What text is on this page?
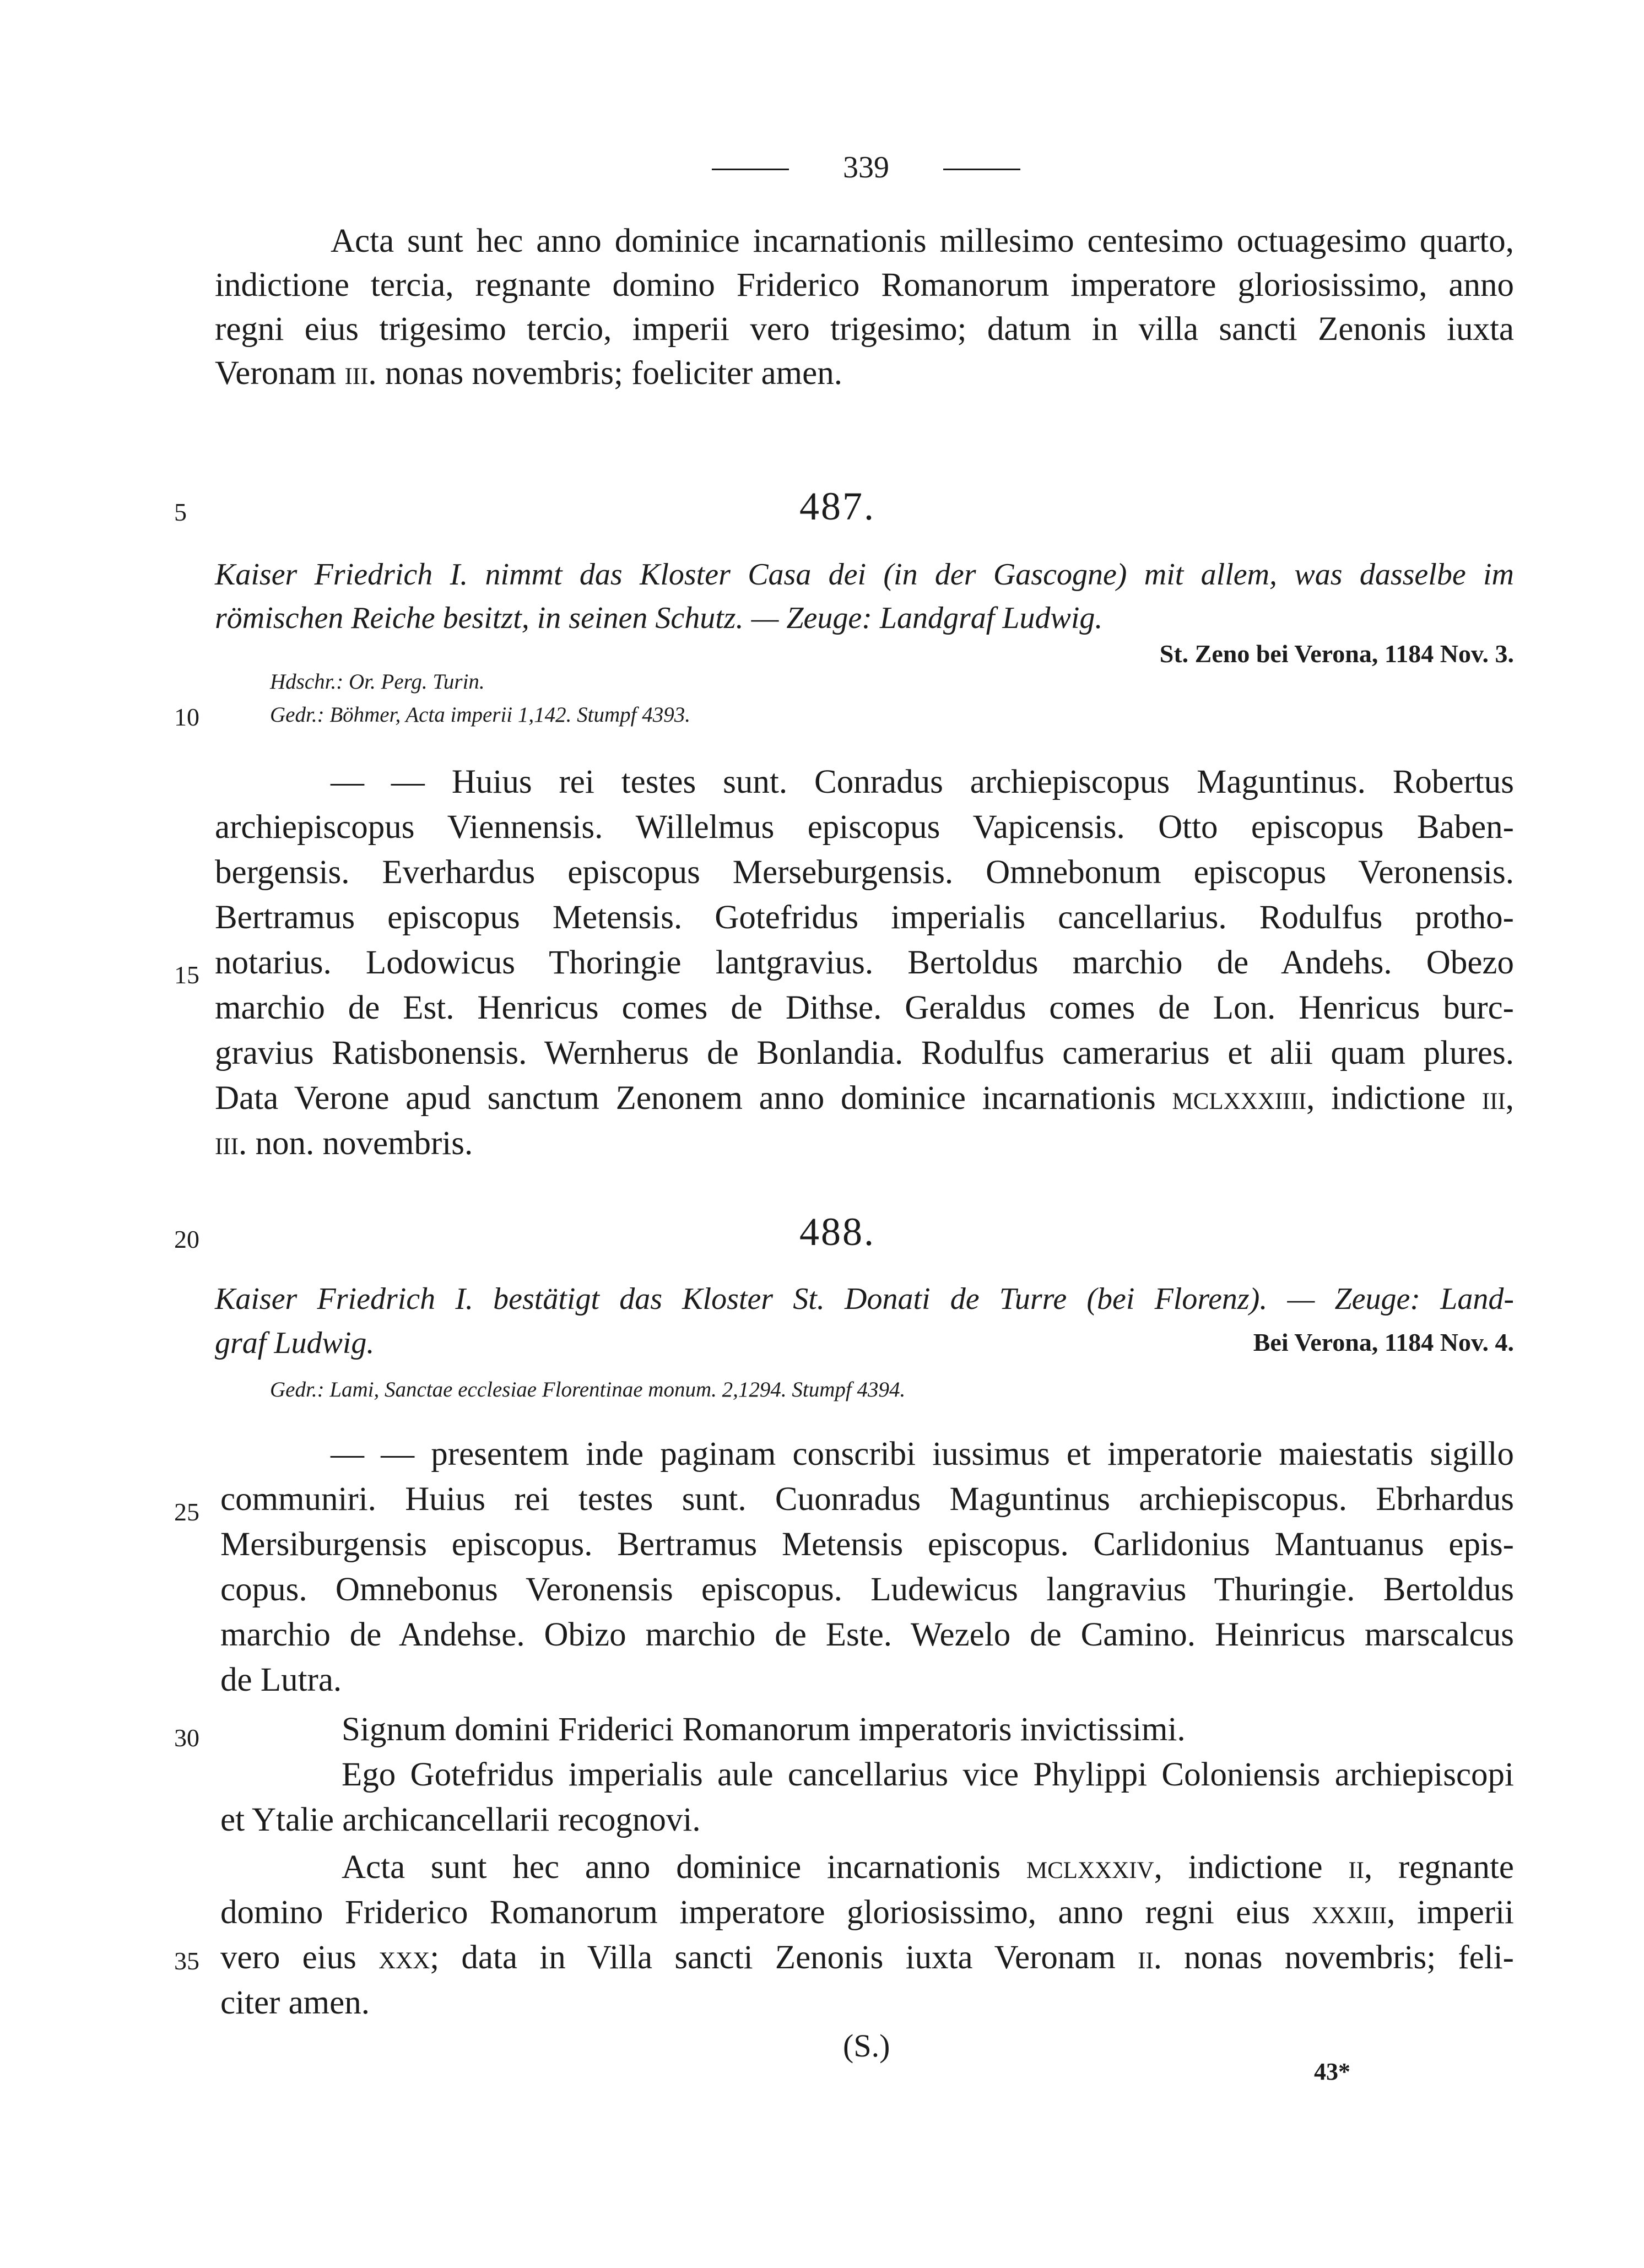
339
Acta sunt hec anno dominice incarnationis millesimo centesimo octuagesimo quarto,
indictione tercia, regnante domino Friderico Romanorum imperatore gloriosissimo, anno
regni eius trigesimo tercio, imperii vero trigesimo; datum in villa sancti Zenonis iuxta
Veronam iii. nonas novembris; foeliciter amen.
5
10
15
20
25
30
35
487.
Kaiser Friedrich I. nimmt das Kloster Casa dei (in der Gascogne) mit allem, was dasselbe im
römischen Reiche besitzt, in seinen Schutz. — Zeuge: Landgraf Ludwig.
St. Zeno bei Verona, 1184 Nov. 3.
Hdschr.: Or. Perg. Turin.
Gedr.: Böhmer, Acta imperii 1,142. Stumpf 4393.
— — Huius rei testes sunt. Conradus archiepiscopus Maguntinus. Robertus
archiepiscopus Viennensis. Willelmus episcopus Vapicensis. Otto episcopus Baben-
bergensis. Everhardus episcopus Merseburgensis. Omnebonum episcopus Veronensis.
Bertramus episcopus Metensis. Gotefridus imperialis cancellarius. Rodulfus protho-
notarius. Lodowicus Thoringie lantgravius. Bertoldus marchio de Andehs. Obezo
marchio de Est. Henricus comes de Dithse. Geraldus comes de Lon. Henricus burc-
gravius Ratisbonensis. Wernherus de Bonlandia. Rodulfus camerarius et alii quam plures.
Data Verone apud sanctum Zenonem anno dominice incarnationis mclxxxiiii, indictione iii,
iii. non. novembris.
488.
Kaiser Friedrich I. bestätigt das Kloster St. Donati de Turre (bei Florenz). — Zeuge: Land-
graf Ludwig.	Bei Verona, 1184 Nov. 4.
Gedr.: Lami, Sanctae ecclesiae Florentinae monum. 2,1294. Stumpf 4394.
— — presentem inde paginam conscribi iussimus et imperatorie maiestatis sigillo
communiri. Huius rei testes sunt. Cuonradus Maguntinus archiepiscopus. Ebrhardus
Mersiburgensis episcopus. Bertramus Metensis episcopus. Carlidonius Mantuanus epis-
copus. Omnebonus Veronensis episcopus. Ludewicus langravius Thuringie. Bertoldus
marchio de Andehse. Obizo marchio de Este. Wezelo de Camino. Heinricus marscalcus
de Lutra.
Signum domini Friderici Romanorum imperatoris invictissimi.
Ego Gotefridus imperialis aule cancellarius vice Phylippi Coloniensis archiepiscopi
et Ytalie archicancellarii recognovi.
Acta sunt hec anno dominice incarnationis mclxxxiv, indictione ii, regnante
domino Friderico Romanorum imperatore gloriosissimo, anno regni eius xxxiii, imperii
vero eius xxx; data in Villa sancti Zenonis iuxta Veronam ii. nonas novembris; feli-
citer amen.
(S.)
43*
